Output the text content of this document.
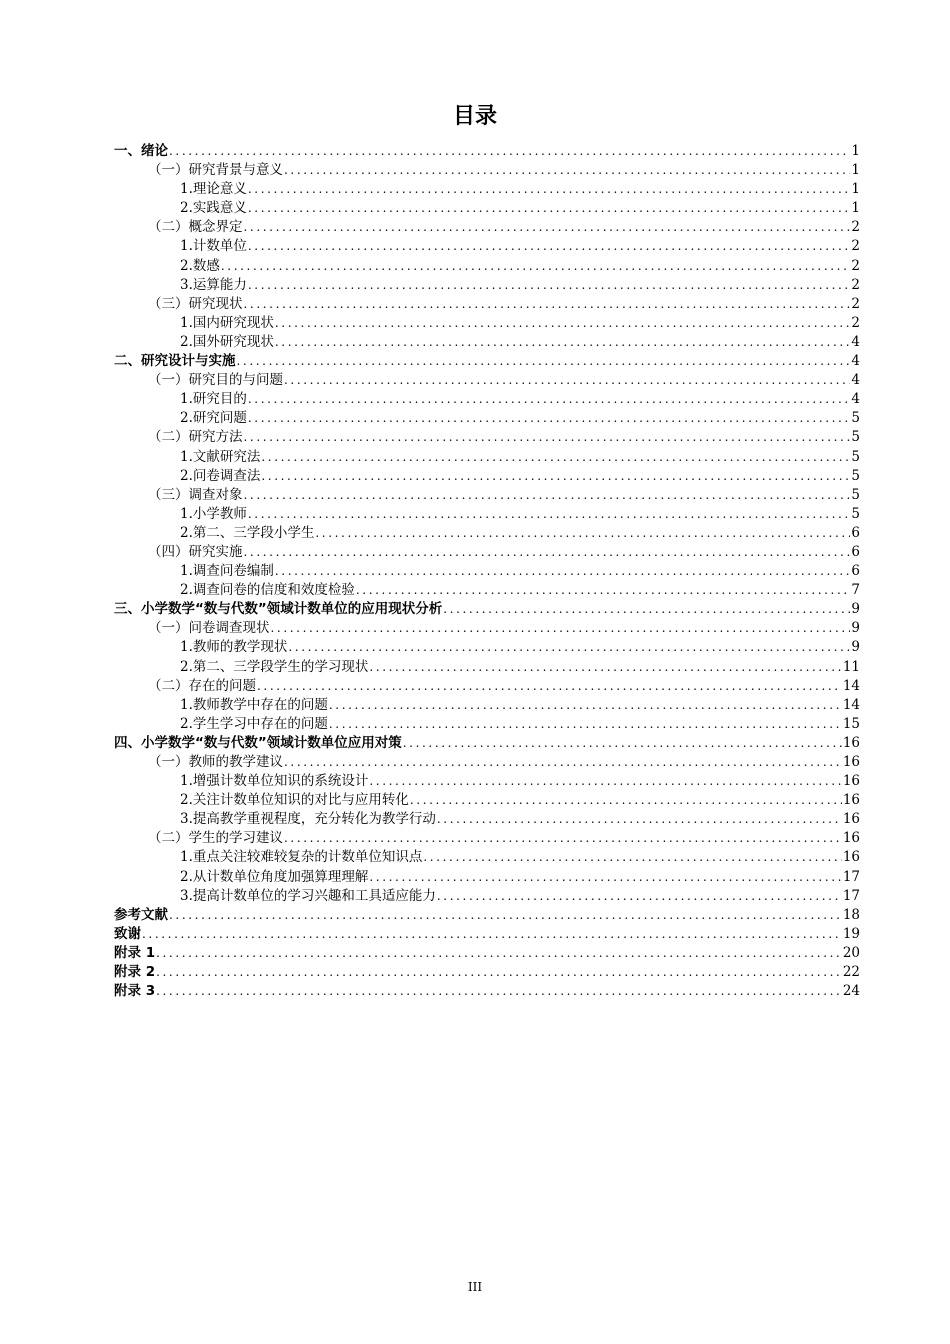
目录
一、绪论 .....	1
（一）研究背景与意义 .....	1
1.理论意义 .....	1
2.实践意义 .....	1
（二）概念界定 .....	2
1.计数单位 .....	2
2.数感 .....	2
3.运算能力 .....	2
（三）研究现状 .....	2
1.国内研究现状 .....	2
2.国外研究现状 .....	4
二、研究设计与实施 .....	4
（一）研究目的与问题 .....	4
1.研究目的 .....	4
2.研究问题 .....	5
（二）研究方法 .....	5
1.文献研究法 .....	5
2.问卷调查法 .....	5
（三）调查对象 .....	5
1.小学教师 .....	5
2.第二、三学段小学生 .....	6
（四）研究实施 .....	6
1.调查问卷编制 .....	6
2.调查问卷的信度和效度检验 .....	7
三、小学数学“数与代数”领域计数单位的应用现状分析 .....	9
（一）问卷调查现状 .....	9
1.教师的教学现状 .....	9
2.第二、三学段学生的学习现状 .....	11
（二）存在的问题 .....	14
1.教师教学中存在的问题 .....	14
2.学生学习中存在的问题 .....	15
四、小学数学“数与代数”领域计数单位应用对策 .....	16
（一）教师的教学建议 .....	16
1.增强计数单位知识的系统设计 .....	16
2.关注计数单位知识的对比与应用转化 .....	16
3.提高教学重视程度，充分转化为教学行动 .....	16
（二）学生的学习建议 .....	16
1.重点关注较难较复杂的计数单位知识点 .....	16
2.从计数单位角度加强算理理解 .....	17
3.提高计数单位的学习兴趣和工具适应能力 .....	17
参考文献 .....	18
致谢 .....	19
附录 1 .....	20
附录 2 .....	22
附录 3 .....	24
III
